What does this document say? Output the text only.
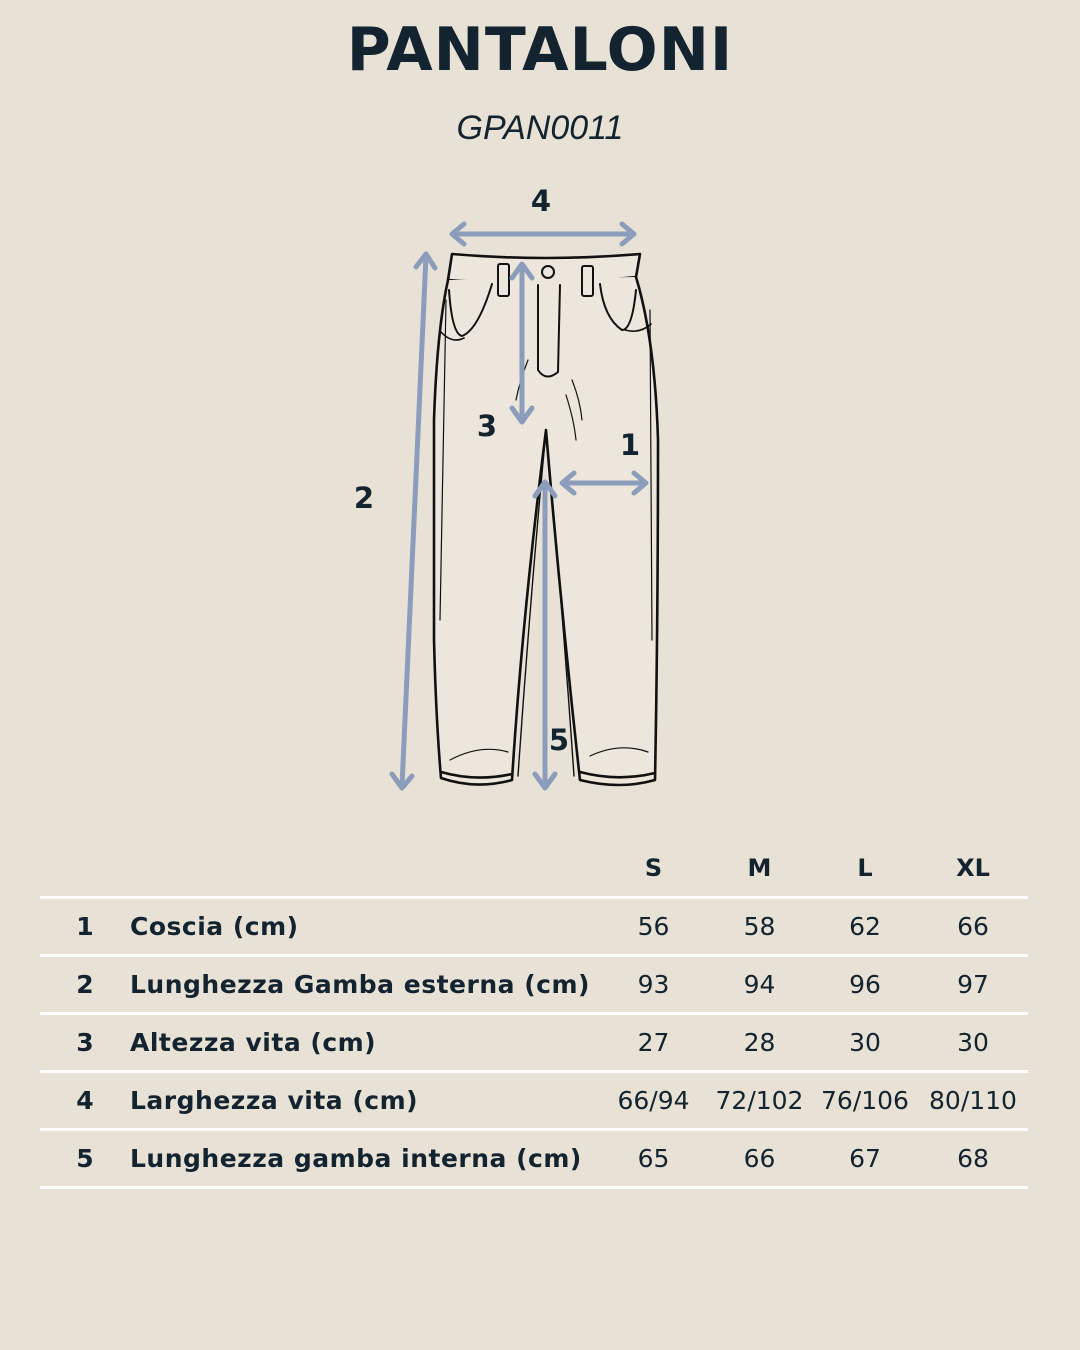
PANTALONI
GPAN0011
4
2
3
1
5
		S	M	L	XL
1	Coscia (cm)	56	58	62	66
2	Lunghezza Gamba esterna (cm)	93	94	96	97
3	Altezza vita (cm)	27	28	30	30
4	Larghezza vita (cm)	66/94	72/102	76/106	80/110
5	Lunghezza gamba interna (cm)	65	66	67	68
